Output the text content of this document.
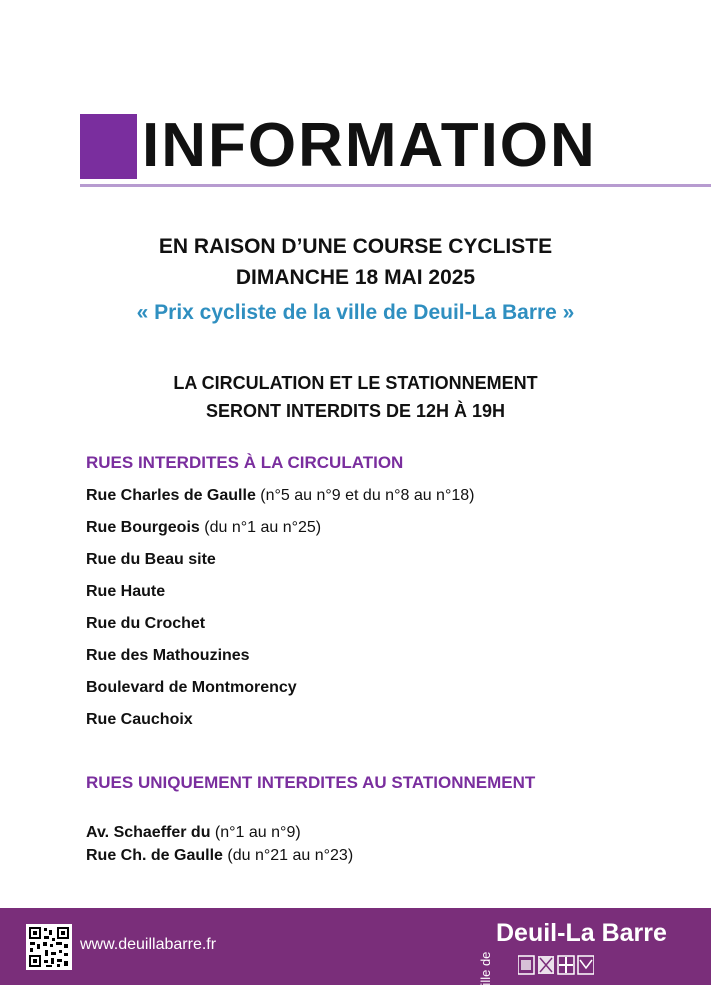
INFORMATION
EN RAISON D’UNE COURSE CYCLISTE
DIMANCHE 18 MAI 2025
« Prix cycliste de la ville de Deuil-La Barre »
LA CIRCULATION ET LE STATIONNEMENT
SERONT INTERDITS DE 12H À 19H
RUES INTERDITES À LA CIRCULATION
Rue Charles de Gaulle (n°5 au n°9 et du n°8 au n°18)
Rue Bourgeois (du n°1 au n°25)
Rue du Beau site
Rue Haute
Rue du Crochet
Rue des Mathouzines
Boulevard de Montmorency
Rue Cauchoix
RUES UNIQUEMENT INTERDITES AU STATIONNEMENT
Av. Schaeffer du (n°1 au n°9)
Rue Ch. de Gaulle (du n°21 au n°23)
www.deuillabarre.fr
Ville de
Deuil-La Barre
